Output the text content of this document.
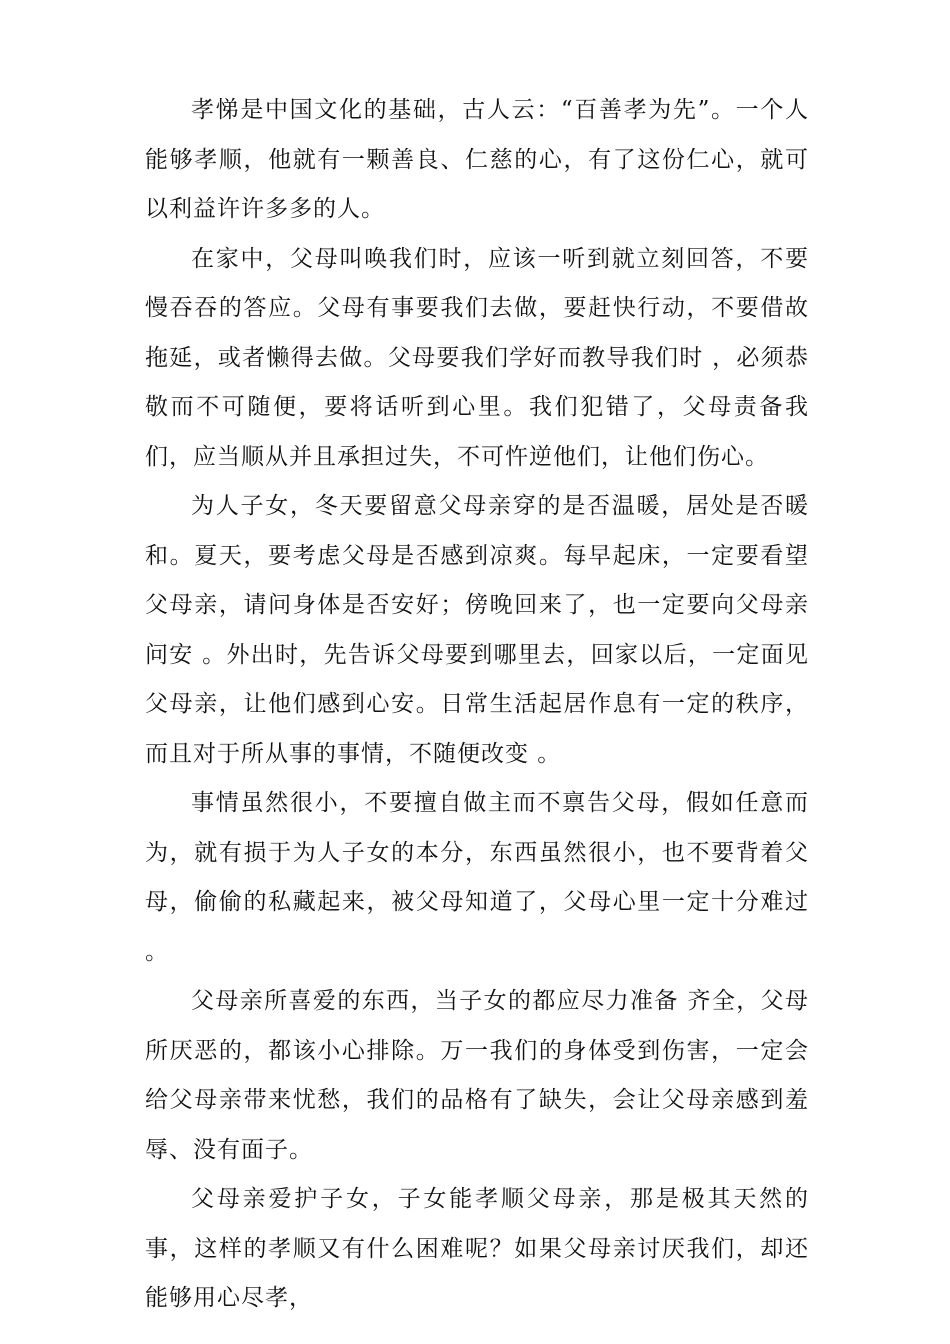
孝悌是中国文化的基础，古人云：“百善孝为先”。一个人能够孝顺，他就有一颗善良、仁慈的心，有了这份仁心，就可以利益许许多多的人。

在家中，父母叫唤我们时，应该一听到就立刻回答，不要慢吞吞的答应。父母有事要我们去做，要赶快行动，不要借故拖延，或者懒得去做。父母要我们学好而教导我们时 ，必须恭敬而不可随便，要将话听到心里。我们犯错了，父母责备我们，应当顺从并且承担过失，不可忤逆他们，让他们伤心。

为人子女，冬天要留意父母亲穿的是否温暖，居处是否暖和。夏天，要考虑父母是否感到凉爽。每早起床，一定要看望父母亲，请问身体是否安好；傍晚回来了，也一定要向父母亲问安 。外出时，先告诉父母要到哪里去，回家以后，一定面见父母亲，让他们感到心安。日常生活起居作息有一定的秩序，而且对于所从事的事情，不随便改变 。

事情虽然很小，不要擅自做主而不禀告父母，假如任意而为，就有损于为人子女的本分，东西虽然很小，也不要背着父母，偷偷的私藏起来，被父母知道了，父母心里一定十分难过 。

父母亲所喜爱的东西，当子女的都应尽力准备 齐全，父母所厌恶的，都该小心排除。万一我们的身体受到伤害，一定会给父母亲带来忧愁，我们的品格有了缺失，会让父母亲感到羞辱、没有面子。

父母亲爱护子女，子女能孝顺父母亲，那是极其天然的事，这样的孝顺又有什么困难呢？如果父母亲讨厌我们，却还能够用心尽孝，
